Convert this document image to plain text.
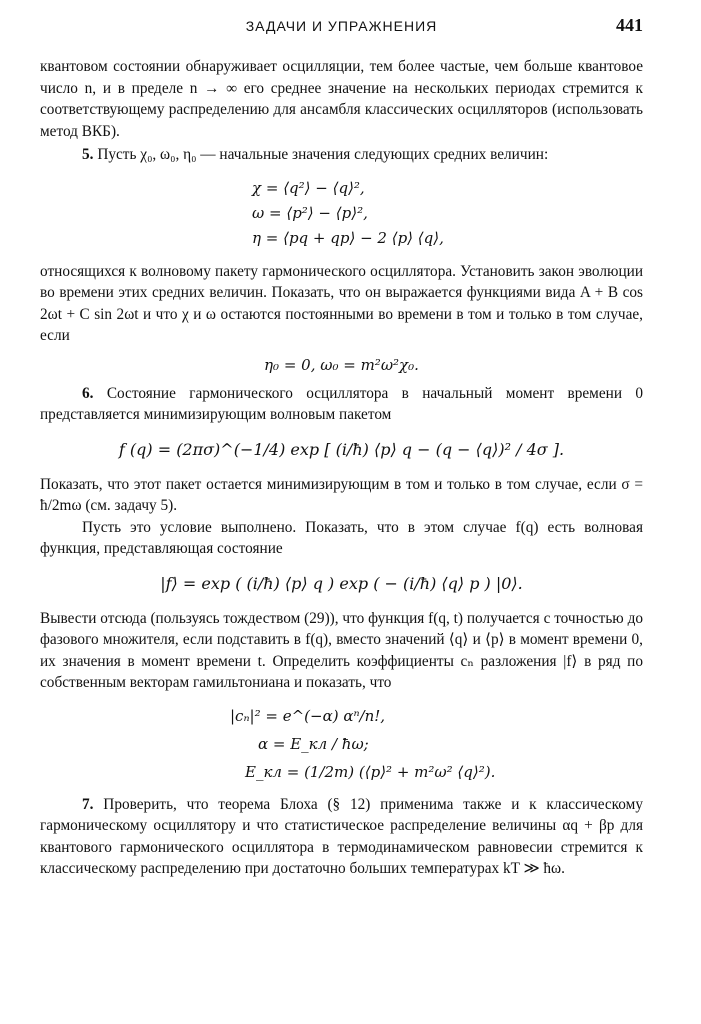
ЗАДАЧИ И УПРАЖНЕНИЯ	441

квантовом состоянии обнаруживает осцилляции, тем более частые, чем больше квантовое число n, и в пределе n → ∞ его среднее значение на нескольких периодах стремится к соответствующему распределению для ансамбля классических осцилляторов (использовать метод ВКБ).

5. Пусть χ₀, ω₀, η₀ — начальные значения следующих средних величин:

χ = ⟨q²⟩ − ⟨q⟩²,
ω = ⟨p²⟩ − ⟨p⟩²,
η = ⟨pq + qp⟩ − 2 ⟨p⟩ ⟨q⟩,

относящихся к волновому пакету гармонического осциллятора. Установить закон эволюции во времени этих средних величин. Показать, что он выражается функциями вида A + B cos 2ωt + C sin 2ωt и что χ и ω остаются постоянными во времени в том и только в том случае, если

η₀ = 0, ω₀ = m²ω²χ₀.

6. Состояние гармонического осциллятора в начальный момент времени 0 представляется минимизирующим волновым пакетом

f (q) = (2πσ)^(−1/4) exp [ (i/ħ) ⟨p⟩ q − (q − ⟨q⟩)² / 4σ ].

Показать, что этот пакет остается минимизирующим в том и только в том случае, если σ = ħ/2mω (см. задачу 5).

Пусть это условие выполнено. Показать, что в этом случае f(q) есть волновая функция, представляющая состояние

|f⟩ = exp ( (i/ħ) ⟨p⟩ q ) exp ( − (i/ħ) ⟨q⟩ p ) |0⟩.

Вывести отсюда (пользуясь тождеством (29)), что функция f(q, t) получается с точностью до фазового множителя, если подставить в f(q), вместо значений ⟨q⟩ и ⟨p⟩ в момент времени 0, их значения в момент времени t. Определить коэффициенты cₙ разложения |f⟩ в ряд по собственным векторам гамильтониана и показать, что

|cₙ|² = e^(−α) αⁿ/n!,
α = E_кл / ħω;
E_кл = (1/2m) (⟨p⟩² + m²ω² ⟨q⟩²).

7. Проверить, что теорема Блоха (§ 12) применима также и к классическому гармоническому осциллятору и что статистическое распределение величины αq + βp для квантового гармонического осциллятора в термодинамическом равновесии стремится к классическому распределению при достаточно больших температурах kT ≫ ħω.
